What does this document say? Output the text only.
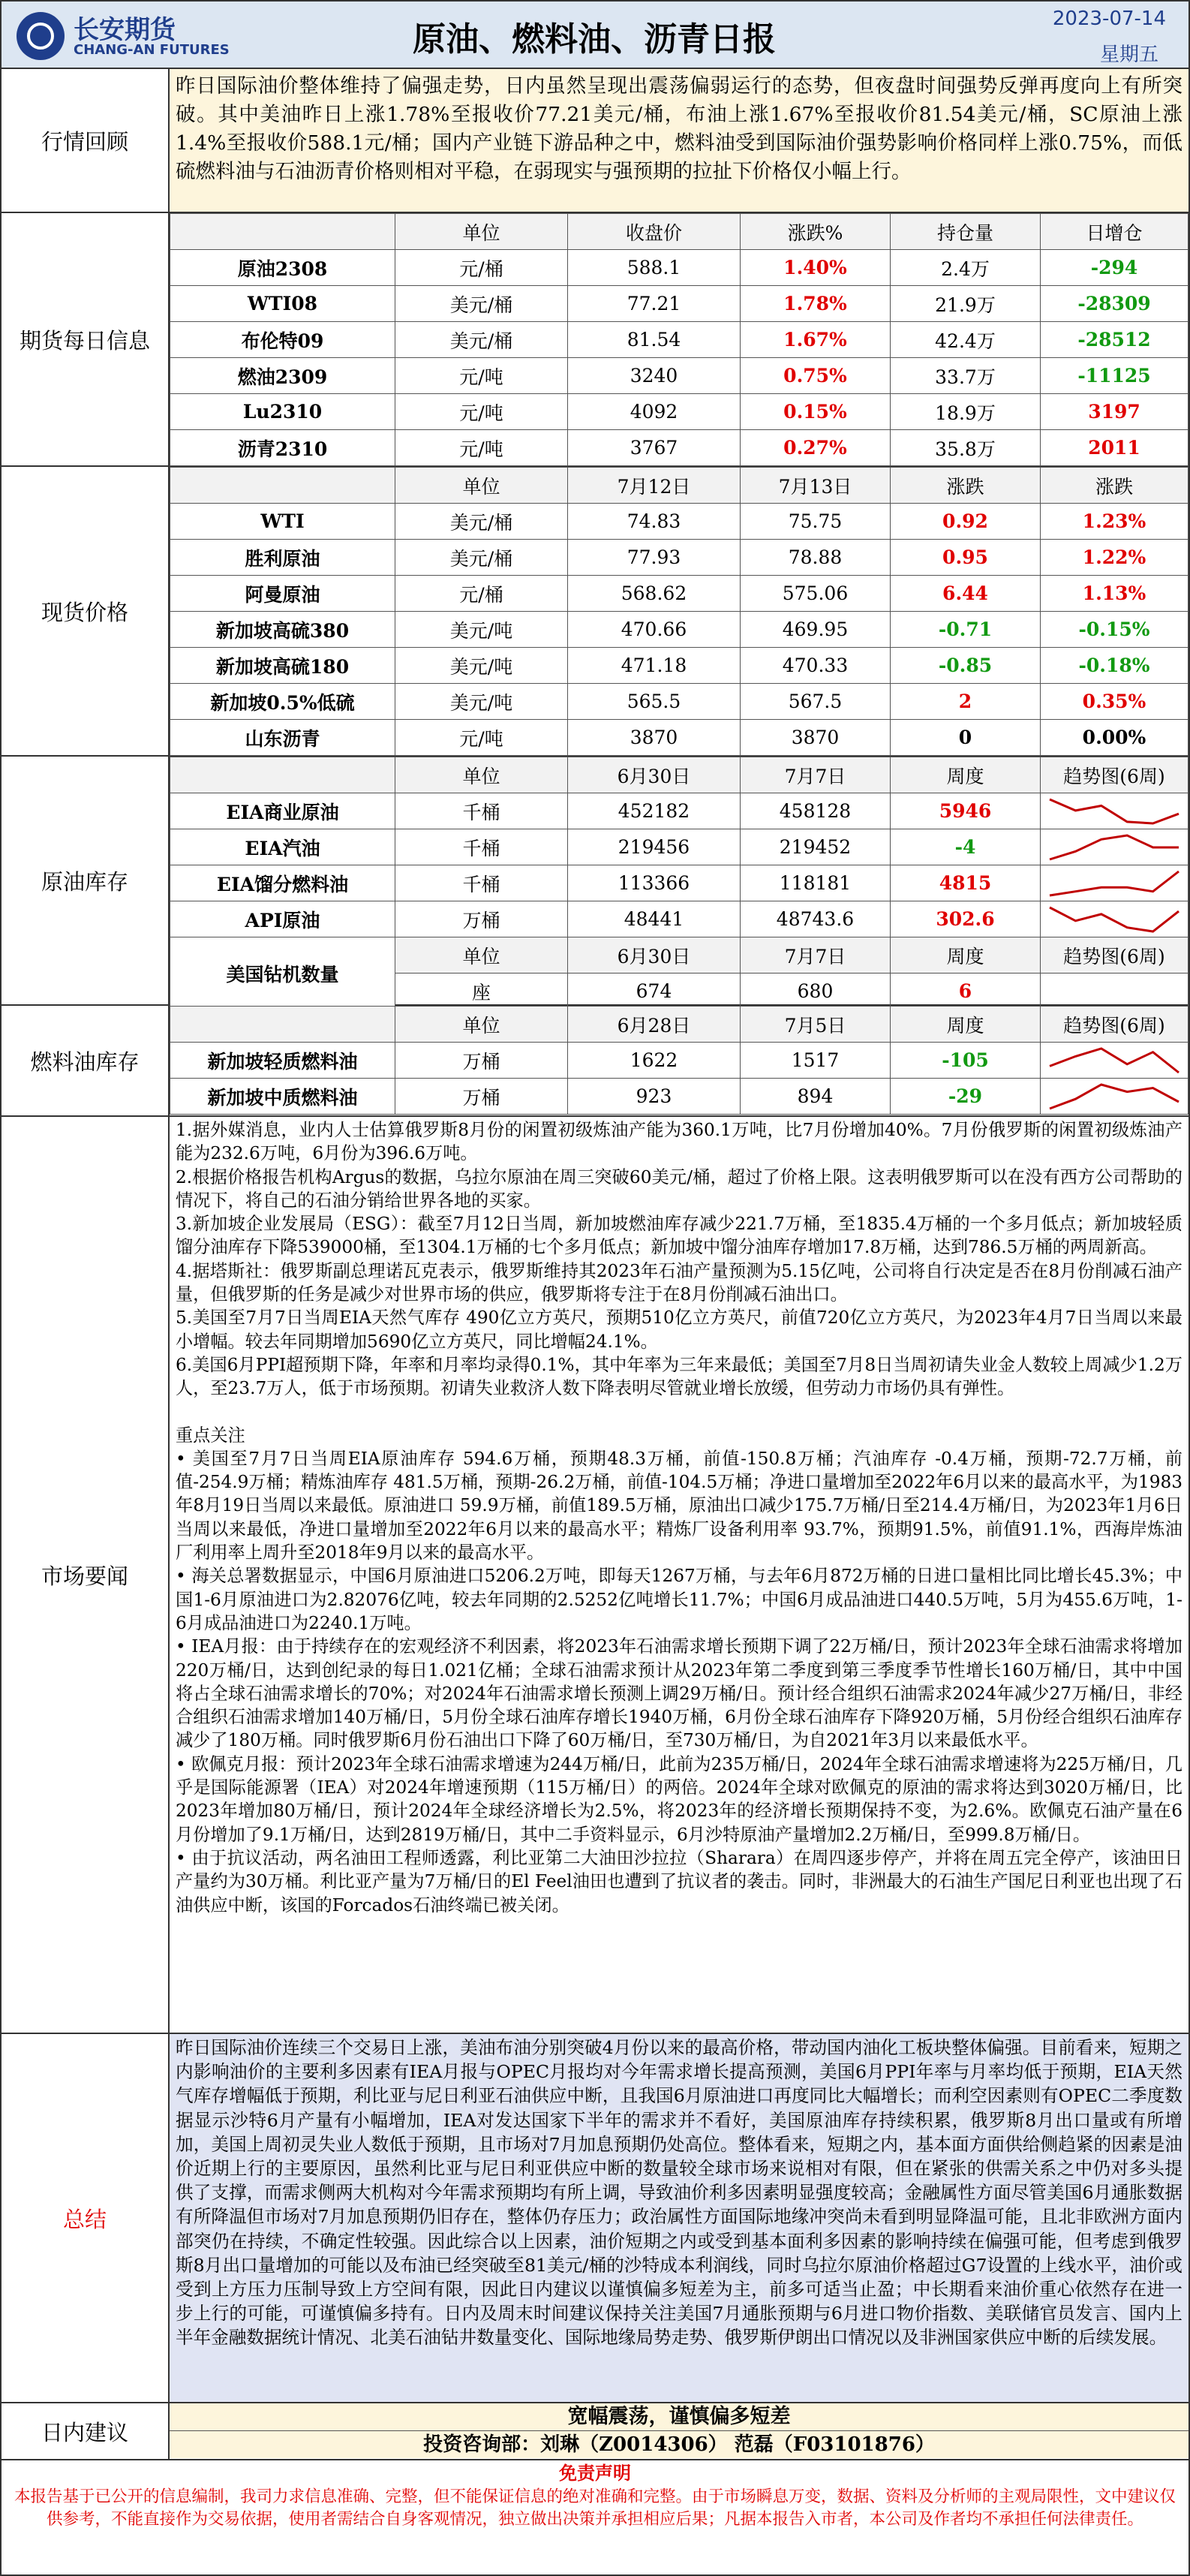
长安期货
CHANG-AN FUTURES	原油、燃料油、沥青日报
2023-07-14
星期五
行情回顾
昨日国际油价整体维持了偏强走势，日内虽然呈现出震荡偏弱运行的态势，但夜盘时间强势反弹再度向上有所突破。其中美油昨日上涨1.78%至报收价77.21美元/桶，布油上涨1.67%至报收价81.54美元/桶，SC原油上涨1.4%至报收价588.1元/桶；国内产业链下游品种之中，燃料油受到国际油价强势影响价格同样上涨0.75%，而低硫燃料油与石油沥青价格则相对平稳，在弱现实与强预期的拉扯下价格仅小幅上行。
期货每日信息
	单位	收盘价	涨跌%	持仓量	日增仓
原油2308	元/桶	588.1	1.40%	2.4万	-294
WTI08	美元/桶	77.21	1.78%	21.9万	-28309
布伦特09	美元/桶	81.54	1.67%	42.4万	-28512
燃油2309	元/吨	3240	0.75%	33.7万	-11125
Lu2310	元/吨	4092	0.15%	18.9万	3197
沥青2310	元/吨	3767	0.27%	35.8万	2011
现货价格
	单位	7月12日	7月13日	涨跌	涨跌
WTI	美元/桶	74.83	75.75	0.92	1.23%
胜利原油	美元/桶	77.93	78.88	0.95	1.22%
阿曼原油	元/桶	568.62	575.06	6.44	1.13%
新加坡高硫380	美元/吨	470.66	469.95	-0.71	-0.15%
新加坡高硫180	美元/吨	471.18	470.33	-0.85	-0.18%
新加坡0.5%低硫	美元/吨	565.5	567.5	2	0.35%
山东沥青	元/吨	3870	3870	0	0.00%
原油库存
	单位	6月30日	7月7日	周度	趋势图(6周)
EIA商业原油	千桶	452182	458128	5946	

EIA汽油	千桶	219456	219452	-4	

EIA馏分燃料油	千桶	113366	118181	4815	

API原油	万桶	48441	48743.6	302.6	

美国钻机数量	单位	6月30日	7月7日	周度	趋势图(6周)
	座	674	680	6	
燃料油库存
	单位	6月28日	7月5日	周度	趋势图(6周)
新加坡轻质燃料油	万桶	1622	1517	-105	

新加坡中质燃料油	万桶	923	894	-29	
市场要闻

1.据外媒消息，业内人士估算俄罗斯8月份的闲置初级炼油产能为360.1万吨，比7月份增加40%。7月份俄罗斯的闲置初级炼油产能为232.6万吨，6月份为396.6万吨。

2.根据价格报告机构Argus的数据，乌拉尔原油在周三突破60美元/桶，超过了价格上限。这表明俄罗斯可以在没有西方公司帮助的情况下，将自己的石油分销给世界各地的买家。

3.新加坡企业发展局（ESG）：截至7月12日当周，新加坡燃油库存减少221.7万桶，至1835.4万桶的一个多月低点；新加坡轻质馏分油库存下降539000桶，至1304.1万桶的七个多月低点；新加坡中馏分油库存增加17.8万桶，达到786.5万桶的两周新高。

4.据塔斯社：俄罗斯副总理诺瓦克表示，俄罗斯维持其2023年石油产量预测为5.15亿吨，公司将自行决定是否在8月份削减石油产量，但俄罗斯的任务是减少对世界市场的供应，俄罗斯将专注于在8月份削减石油出口。

5.美国至7月7日当周EIA天然气库存 490亿立方英尺，预期510亿立方英尺，前值720亿立方英尺，为2023年4月7日当周以来最小增幅。较去年同期增加5690亿立方英尺，同比增幅24.1%。

6.美国6月PPI超预期下降，年率和月率均录得0.1%，其中年率为三年来最低；美国至7月8日当周初请失业金人数较上周减少1.2万人，至23.7万人，低于市场预期。初请失业救济人数下降表明尽管就业增长放缓，但劳动力市场仍具有弹性。

重点关注

• 美国至7月7日当周EIA原油库存 594.6万桶，预期48.3万桶，前值-150.8万桶；汽油库存 -0.4万桶，预期-72.7万桶，前值-254.9万桶；精炼油库存 481.5万桶，预期-26.2万桶，前值-104.5万桶；净进口量增加至2022年6月以来的最高水平，为1983年8月19日当周以来最低。原油进口 59.9万桶，前值189.5万桶，原油出口减少175.7万桶/日至214.4万桶/日，为2023年1月6日当周以来最低，净进口量增加至2022年6月以来的最高水平；精炼厂设备利用率 93.7%，预期91.5%，前值91.1%，西海岸炼油厂利用率上周升至2018年9月以来的最高水平。

• 海关总署数据显示，中国6月原油进口5206.2万吨，即每天1267万桶，与去年6月872万桶的日进口量相比同比增长45.3%；中国1-6月原油进口为2.82076亿吨，较去年同期的2.5252亿吨增长11.7%；中国6月成品油进口440.5万吨，5月为455.6万吨，1-6月成品油进口为2240.1万吨。

• IEA月报：由于持续存在的宏观经济不利因素，将2023年石油需求增长预期下调了22万桶/日，预计2023年全球石油需求将增加220万桶/日，达到创纪录的每日1.021亿桶；全球石油需求预计从2023年第二季度到第三季度季节性增长160万桶/日，其中中国将占全球石油需求增长的70%；对2024年石油需求增长预测上调29万桶/日。预计经合组织石油需求2024年减少27万桶/日，非经合组织石油需求增加140万桶/日，5月份全球石油库存增长1940万桶，6月份全球石油库存下降920万桶，5月份经合组织石油库存减少了180万桶。同时俄罗斯6月份石油出口下降了60万桶/日，至730万桶/日，为自2021年3月以来最低水平。

• 欧佩克月报：预计2023年全球石油需求增速为244万桶/日，此前为235万桶/日，2024年全球石油需求增速将为225万桶/日，几乎是国际能源署（IEA）对2024年增速预期（115万桶/日）的两倍。2024年全球对欧佩克的原油的需求将达到3020万桶/日，比2023年增加80万桶/日，预计2024年全球经济增长为2.5%，将2023年的经济增长预期保持不变，为2.6%。欧佩克石油产量在6月份增加了9.1万桶/日，达到2819万桶/日，其中二手资料显示，6月沙特原油产量增加2.2万桶/日，至999.8万桶/日。

• 由于抗议活动，两名油田工程师透露，利比亚第二大油田沙拉拉（Sharara）在周四逐步停产，并将在周五完全停产，该油田日产量约为30万桶。利比亚产量为7万桶/日的El Feel油田也遭到了抗议者的袭击。同时，非洲最大的石油生产国尼日利亚也出现了石油供应中断，该国的Forcados石油终端已被关闭。

总结
昨日国际油价连续三个交易日上涨，美油布油分别突破4月份以来的最高价格，带动国内油化工板块整体偏强。目前看来，短期之内影响油价的主要利多因素有IEA月报与OPEC月报均对今年需求增长提高预测，美国6月PPI年率与月率均低于预期，EIA天然气库存增幅低于预期，利比亚与尼日利亚石油供应中断，且我国6月原油进口再度同比大幅增长；而利空因素则有OPEC二季度数据显示沙特6月产量有小幅增加，IEA对发达国家下半年的需求并不看好，美国原油库存持续积累，俄罗斯8月出口量或有所增加，美国上周初灵失业人数低于预期，且市场对7月加息预期仍处高位。整体看来，短期之内，基本面方面供给侧趋紧的因素是油价近期上行的主要原因，虽然利比亚与尼日利亚供应中断的数量较全球市场来说相对有限，但在紧张的供需关系之中仍对多头提供了支撑，而需求侧两大机构对今年需求预期均有所上调，导致油价利多因素明显强度较高；金融属性方面尽管美国6月通胀数据有所降温但市场对7月加息预期仍旧存在，整体仍存压力；政治属性方面国际地缘冲突尚未看到明显降温可能，且北非欧洲方面内部突仍在持续，不确定性较强。因此综合以上因素，油价短期之内或受到基本面利多因素的影响持续在偏强可能，但考虑到俄罗斯8月出口量增加的可能以及布油已经突破至81美元/桶的沙特成本利润线，同时乌拉尔原油价格超过G7设置的上线水平，油价或受到上方压力压制导致上方空间有限，因此日内建议以谨慎偏多短差为主，前多可适当止盈；中长期看来油价重心依然存在进一步上行的可能，可谨慎偏多持有。日内及周末时间建议保持关注美国7月通胀预期与6月进口物价指数、美联储官员发言、国内上半年金融数据统计情况、北美石油钻井数量变化、国际地缘局势走势、俄罗斯伊朗出口情况以及非洲国家供应中断的后续发展。
日内建议
宽幅震荡，谨慎偏多短差
投资咨询部：刘琳（Z0014306） 范磊（F03101876）
免责声明
本报告基于已公开的信息编制，我司力求信息准确、完整，但不能保证信息的绝对准确和完整。由于市场瞬息万变，数据、资料及分析师的主观局限性，文中建议仅供参考，不能直接作为交易依据，使用者需结合自身客观情况，独立做出决策并承担相应后果；凡据本报告入市者，本公司及作者均不承担任何法律责任。
